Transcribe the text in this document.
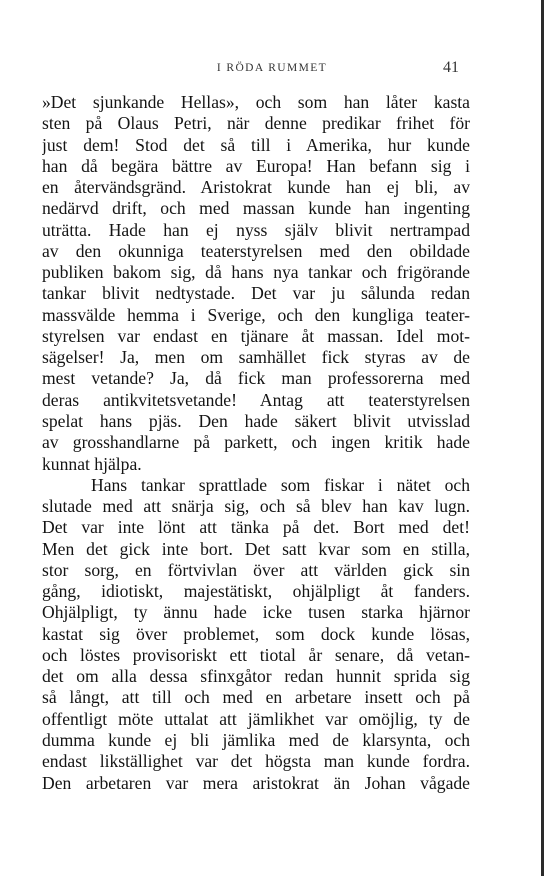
I RÖDA RUMMET	41
»Det sjunkande Hellas», och som han låter kasta
sten på Olaus Petri, när denne predikar frihet för
just dem! Stod det så till i Amerika, hur kunde
han då begära bättre av Europa! Han befann sig i
en återvändsgränd. Aristokrat kunde han ej bli, av
nedärvd drift, och med massan kunde han ingenting
uträtta. Hade han ej nyss själv blivit nertrampad
av den okunniga teaterstyrelsen med den obildade
publiken bakom sig, då hans nya tankar och frigörande
tankar blivit nedtystade. Det var ju sålunda redan
massvälde hemma i Sverige, och den kungliga teater-
styrelsen var endast en tjänare åt massan. Idel mot-
sägelser! Ja, men om samhället fick styras av de
mest vetande? Ja, då fick man professorerna med
deras antikvitetsvetande! Antag att teaterstyrelsen
spelat hans pjäs. Den hade säkert blivit utvisslad
av grosshandlarne på parkett, och ingen kritik hade
kunnat hjälpa.
Hans tankar sprattlade som fiskar i nätet och
slutade med att snärja sig, och så blev han kav lugn.
Det var inte lönt att tänka på det. Bort med det!
Men det gick inte bort. Det satt kvar som en stilla,
stor sorg, en förtvivlan över att världen gick sin
gång, idiotiskt, majestätiskt, ohjälpligt åt fanders.
Ohjälpligt, ty ännu hade icke tusen starka hjärnor
kastat sig över problemet, som dock kunde lösas,
och löstes provisoriskt ett tiotal år senare, då vetan-
det om alla dessa sfinxgåtor redan hunnit sprida sig
så långt, att till och med en arbetare insett och på
offentligt möte uttalat att jämlikhet var omöjlig, ty de
dumma kunde ej bli jämlika med de klarsynta, och
endast likställighet var det högsta man kunde fordra.
Den arbetaren var mera aristokrat än Johan vågade
